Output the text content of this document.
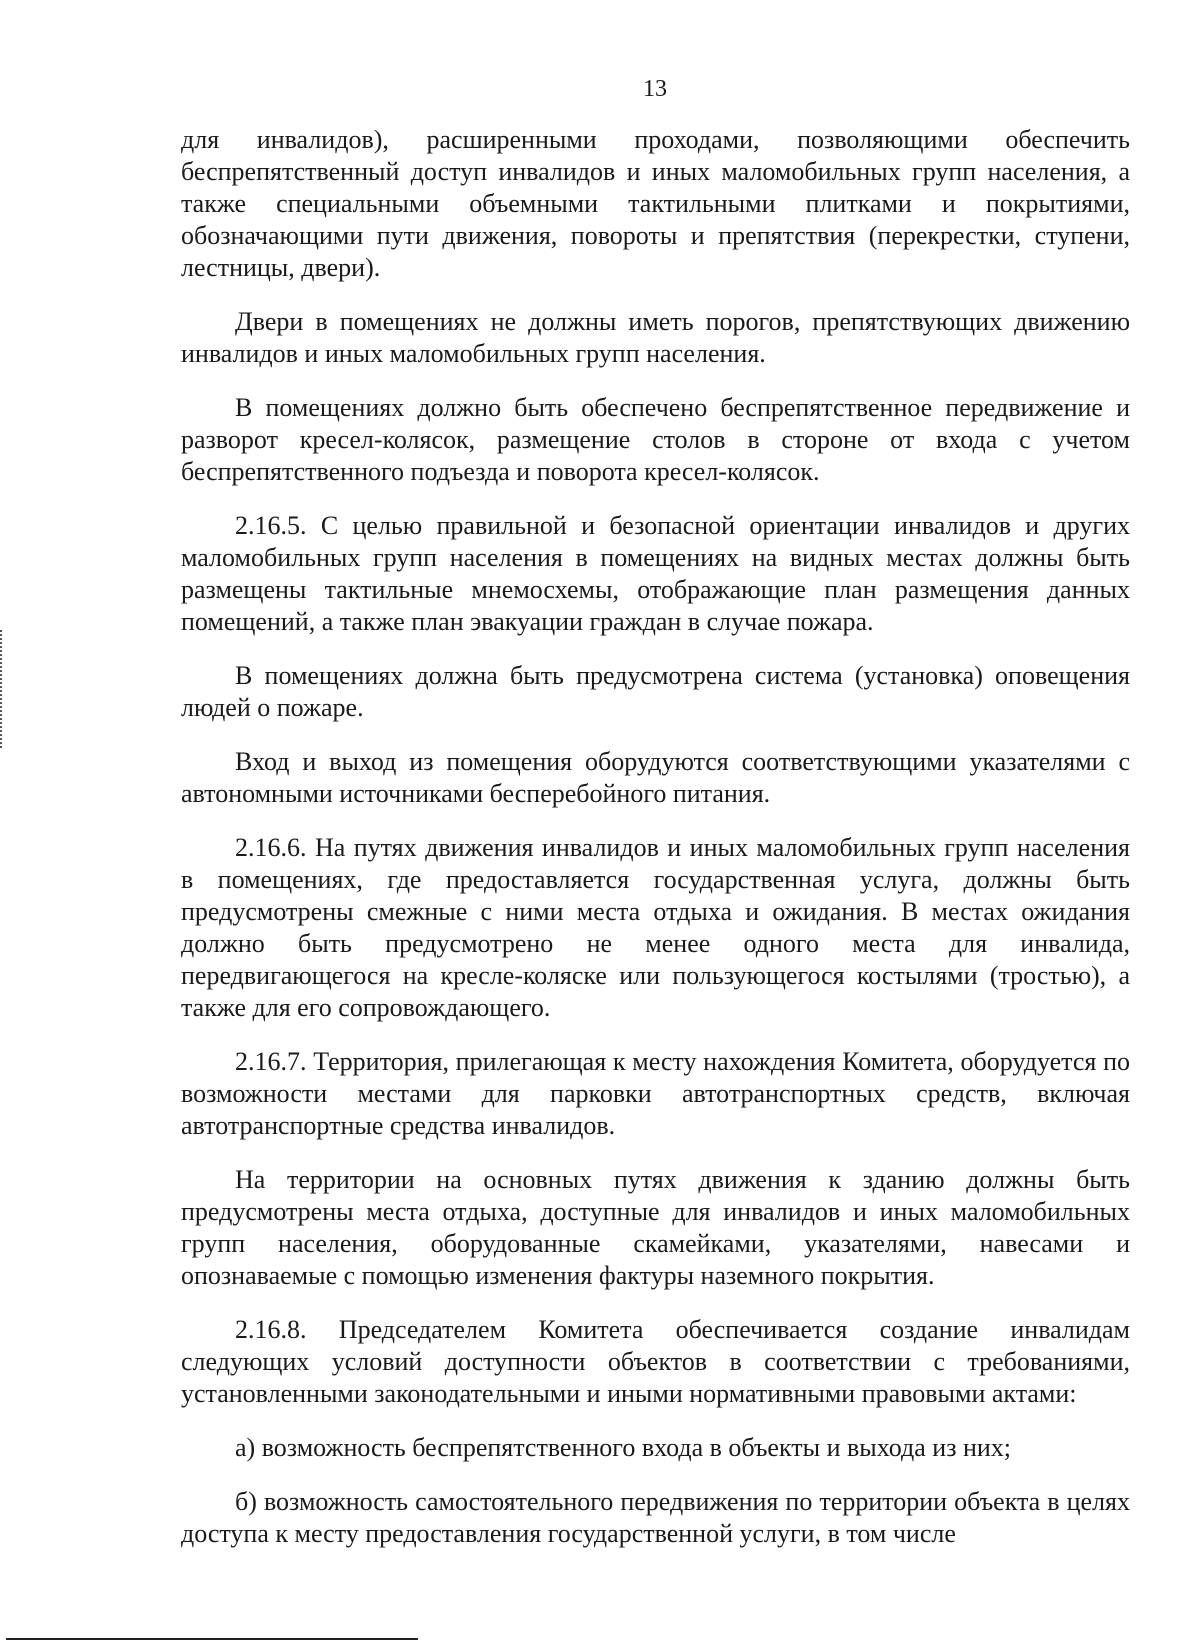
13

для инвалидов), расширенными проходами, позволяющими обеспечить беспрепятственный доступ инвалидов и иных маломобильных групп населения, а также специальными объемными тактильными плитками и покрытиями, обозначающими пути движения, повороты и препятствия (перекрестки, ступени, лестницы, двери).

Двери в помещениях не должны иметь порогов, препятствующих движению инвалидов и иных маломобильных групп населения.

В помещениях должно быть обеспечено беспрепятственное передвижение и разворот кресел-колясок, размещение столов в стороне от входа с учетом беспрепятственного подъезда и поворота кресел-колясок.

2.16.5. С целью правильной и безопасной ориентации инвалидов и других маломобильных групп населения в помещениях на видных местах должны быть размещены тактильные мнемосхемы, отображающие план размещения данных помещений, а также план эвакуации граждан в случае пожара.

В помещениях должна быть предусмотрена система (установка) оповещения людей о пожаре.

Вход и выход из помещения оборудуются соответствующими указателями с автономными источниками бесперебойного питания.

2.16.6. На путях движения инвалидов и иных маломобильных групп населения в помещениях, где предоставляется государственная услуга, должны быть предусмотрены смежные с ними места отдыха и ожидания. В местах ожидания должно быть предусмотрено не менее одного места для инвалида, передвигающегося на кресле-коляске или пользующегося костылями (тростью), а также для его сопровождающего.

2.16.7. Территория, прилегающая к месту нахождения Комитета, оборудуется по возможности местами для парковки автотранспортных средств, включая автотранспортные средства инвалидов.

На территории на основных путях движения к зданию должны быть предусмотрены места отдыха, доступные для инвалидов и иных маломобильных групп населения, оборудованные скамейками, указателями, навесами и опознаваемые с помощью изменения фактуры наземного покрытия.

2.16.8. Председателем Комитета обеспечивается создание инвалидам следующих условий доступности объектов в соответствии с требованиями, установленными законодательными и иными нормативными правовыми актами:

а) возможность беспрепятственного входа в объекты и выхода из них;

б) возможность самостоятельного передвижения по территории объекта в целях доступа к месту предоставления государственной услуги, в том числе
